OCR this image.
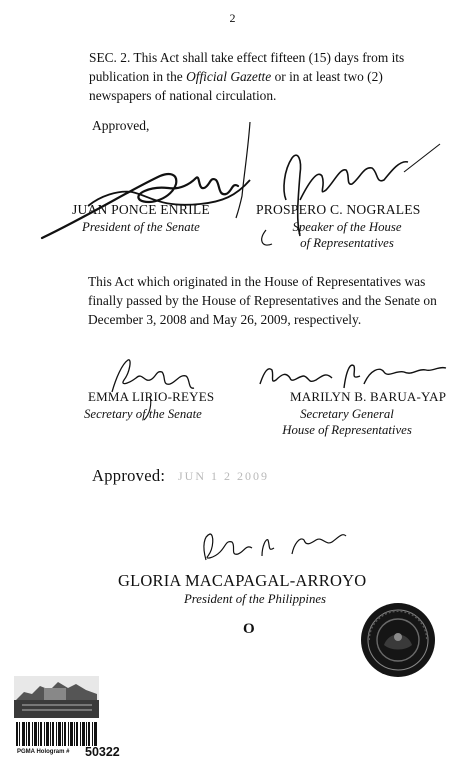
2
SEC. 2. This Act shall take effect fifteen (15) days from its publication in the Official Gazette or in at least two (2) newspapers of national circulation.
Approved,
JUAN PONCE ENRILE
President of the Senate
PROSPERO C. NOGRALES
Speaker of the House
of Representatives
This Act which originated in the House of Representatives was finally passed by the House of Representatives and the Senate on December 3, 2008 and May 26, 2009, respectively.
EMMA LIRIO-REYES
Secretary of the Senate
MARILYN B. BARUA-YAP
Secretary General
House of Representatives
Approved: JUN 1 2 2009
GLORIA MACAPAGAL-ARROYO
President of the Philippines
O
PGMA Hologram # 50322
